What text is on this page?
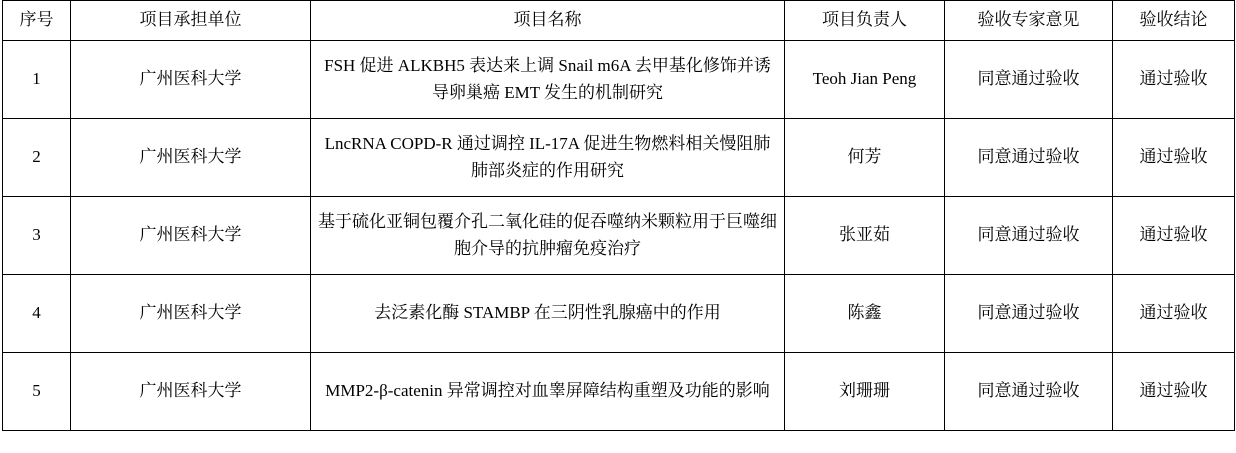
序号	项目承担单位	项目名称	项目负责人	验收专家意见	验收结论
1	广州医科大学	FSH 促进 ALKBH5 表达来上调 Snail m6A 去甲基化修饰并诱导卵巢癌 EMT 发生的机制研究	Teoh Jian Peng	同意通过验收	通过验收
2	广州医科大学	LncRNA COPD-R 通过调控 IL-17A 促进生物燃料相关慢阻肺肺部炎症的作用研究	何芳	同意通过验收	通过验收
3	广州医科大学	基于硫化亚铜包覆介孔二氧化硅的促吞噬纳米颗粒用于巨噬细胞介导的抗肿瘤免疫治疗	张亚茹	同意通过验收	通过验收
4	广州医科大学	去泛素化酶 STAMBP 在三阴性乳腺癌中的作用	陈鑫	同意通过验收	通过验收
5	广州医科大学	MMP2-β-catenin 异常调控对血睾屏障结构重塑及功能的影响	刘珊珊	同意通过验收	通过验收
